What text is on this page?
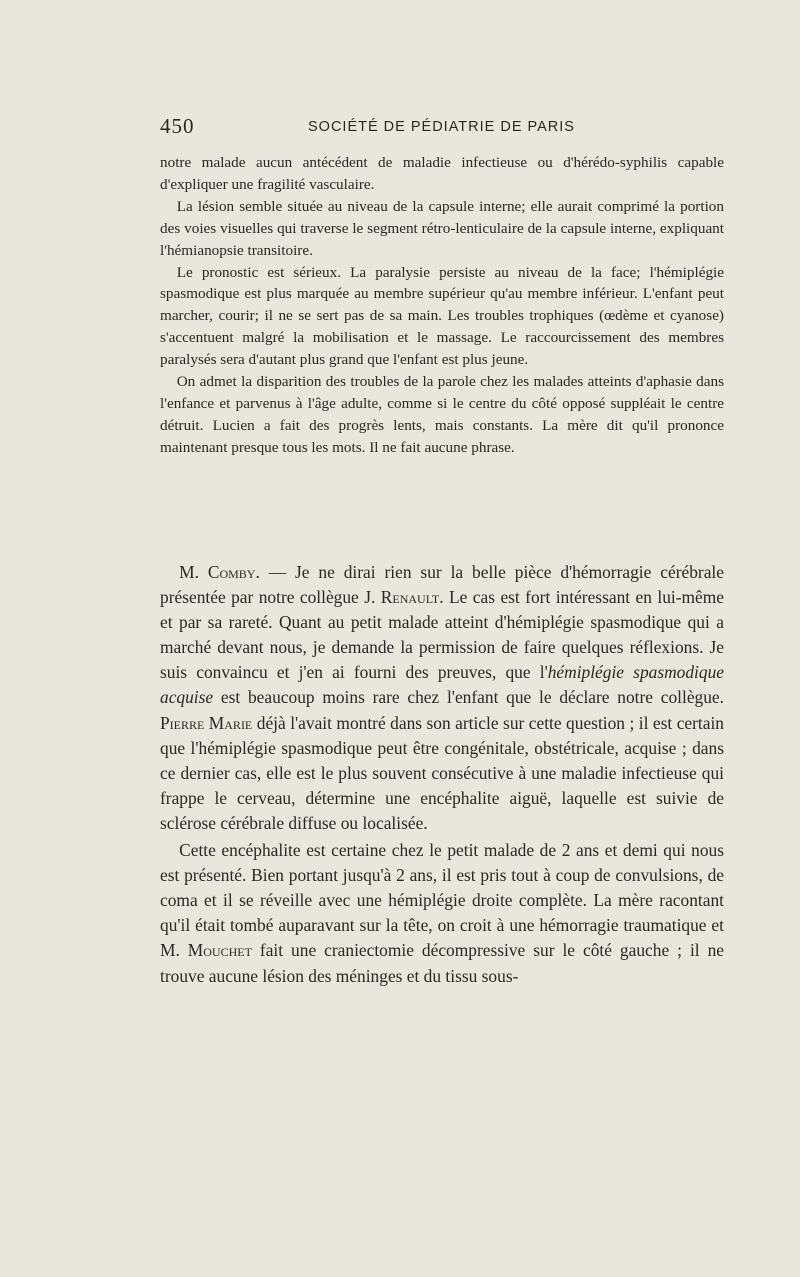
450	SOCIÉTÉ DE PÉDIATRIE DE PARIS

notre malade aucun antécédent de maladie infectieuse ou d'hérédo-syphilis capable d'expliquer une fragilité vasculaire.

La lésion semble située au niveau de la capsule interne; elle aurait comprimé la portion des voies visuelles qui traverse le segment rétro-lenticulaire de la capsule interne, expliquant l'hémianopsie transitoire.

Le pronostic est sérieux. La paralysie persiste au niveau de la face; l'hémiplégie spasmodique est plus marquée au membre supérieur qu'au membre inférieur. L'enfant peut marcher, courir; il ne se sert pas de sa main. Les troubles trophiques (œdème et cyanose) s'accentuent malgré la mobilisation et le massage. Le raccourcissement des membres paralysés sera d'autant plus grand que l'enfant est plus jeune.

On admet la disparition des troubles de la parole chez les malades atteints d'aphasie dans l'enfance et parvenus à l'âge adulte, comme si le centre du côté opposé suppléait le centre détruit. Lucien a fait des progrès lents, mais constants. La mère dit qu'il prononce maintenant presque tous les mots. Il ne fait aucune phrase.

M. Comby. — Je ne dirai rien sur la belle pièce d'hémorragie cérébrale présentée par notre collègue J. Renault. Le cas est fort intéressant en lui-même et par sa rareté. Quant au petit malade atteint d'hémiplégie spasmodique qui a marché devant nous, je demande la permission de faire quelques réflexions. Je suis convaincu et j'en ai fourni des preuves, que l'hémiplégie spasmodique acquise est beaucoup moins rare chez l'enfant que le déclare notre collègue. Pierre Marie déjà l'avait montré dans son article sur cette question ; il est certain que l'hémiplégie spasmodique peut être congénitale, obstétricale, acquise ; dans ce dernier cas, elle est le plus souvent consécutive à une maladie infectieuse qui frappe le cerveau, détermine une encéphalite aiguë, laquelle est suivie de sclérose cérébrale diffuse ou localisée.

Cette encéphalite est certaine chez le petit malade de 2 ans et demi qui nous est présenté. Bien portant jusqu'à 2 ans, il est pris tout à coup de convulsions, de coma et il se réveille avec une hémiplégie droite complète. La mère racontant qu'il était tombé auparavant sur la tête, on croit à une hémorragie traumatique et M. Mouchet fait une craniectomie décompressive sur le côté gauche ; il ne trouve aucune lésion des méninges et du tissu sous-
